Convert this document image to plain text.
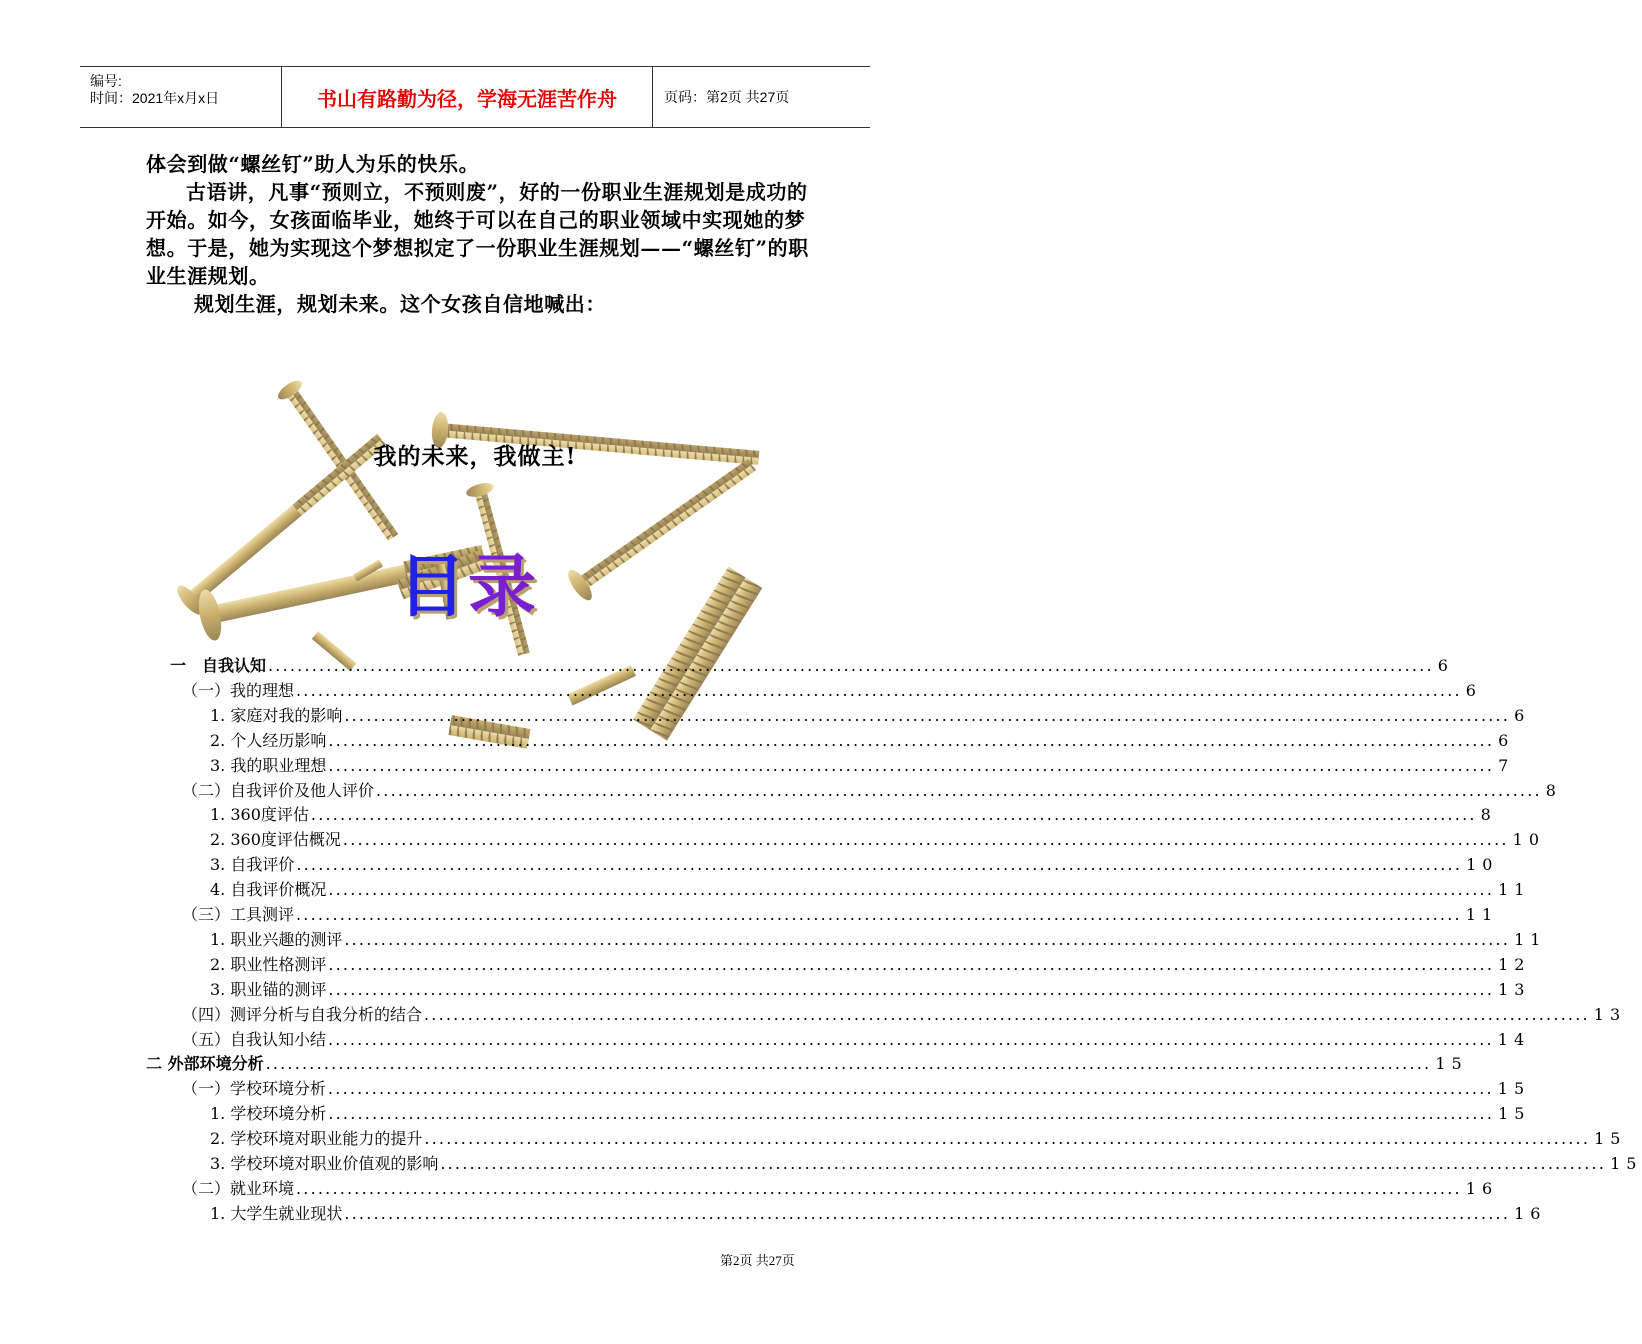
编号:
时间：2021年x月x日	书山有路勤为径，学海无涯苦作舟	页码：第2页 共27页

体会到做“螺丝钉”助人为乐的快乐。

古语讲，凡事“预则立，不预则废”，好的一份职业生涯规划是成功的开始。如今，女孩面临毕业，她终于可以在自己的职业领域中实现她的梦想。于是，她为实现这个梦想拟定了一份职业生涯规划——“螺丝钉”的职业生涯规划。

规划生涯，规划未来。这个女孩自信地喊出：

我的未来，我做主!
目录
一　自我认知 ................................................................................................................................................................ 6
（一）我的理想 ................................................................................................................................................................ 6
1. 家庭对我的影响 ................................................................................................................................................................ 6
2. 个人经历影响 ................................................................................................................................................................ 6
3. 我的职业理想 ................................................................................................................................................................ 7
（二）自我评价及他人评价 ................................................................................................................................................................ 8
1. 360度评估 ................................................................................................................................................................ 8
2. 360度评估概况 ................................................................................................................................................................ 10
3. 自我评价 ................................................................................................................................................................ 10
4. 自我评价概况 ................................................................................................................................................................ 11
（三）工具测评 ................................................................................................................................................................ 11
1. 职业兴趣的测评 ................................................................................................................................................................ 11
2. 职业性格测评 ................................................................................................................................................................ 12
3. 职业锚的测评 ................................................................................................................................................................ 13
（四）测评分析与自我分析的结合 ................................................................................................................................................................ 13
（五）自我认知小结 ................................................................................................................................................................ 14
二 外部环境分析 ................................................................................................................................................................ 15
（一）学校环境分析 ................................................................................................................................................................ 15
1. 学校环境分析 ................................................................................................................................................................ 15
2. 学校环境对职业能力的提升 ................................................................................................................................................................ 15
3. 学校环境对职业价值观的影响 ................................................................................................................................................................ 15
（二）就业环境 ................................................................................................................................................................ 16
1. 大学生就业现状 ................................................................................................................................................................ 16
第2页 共27页
